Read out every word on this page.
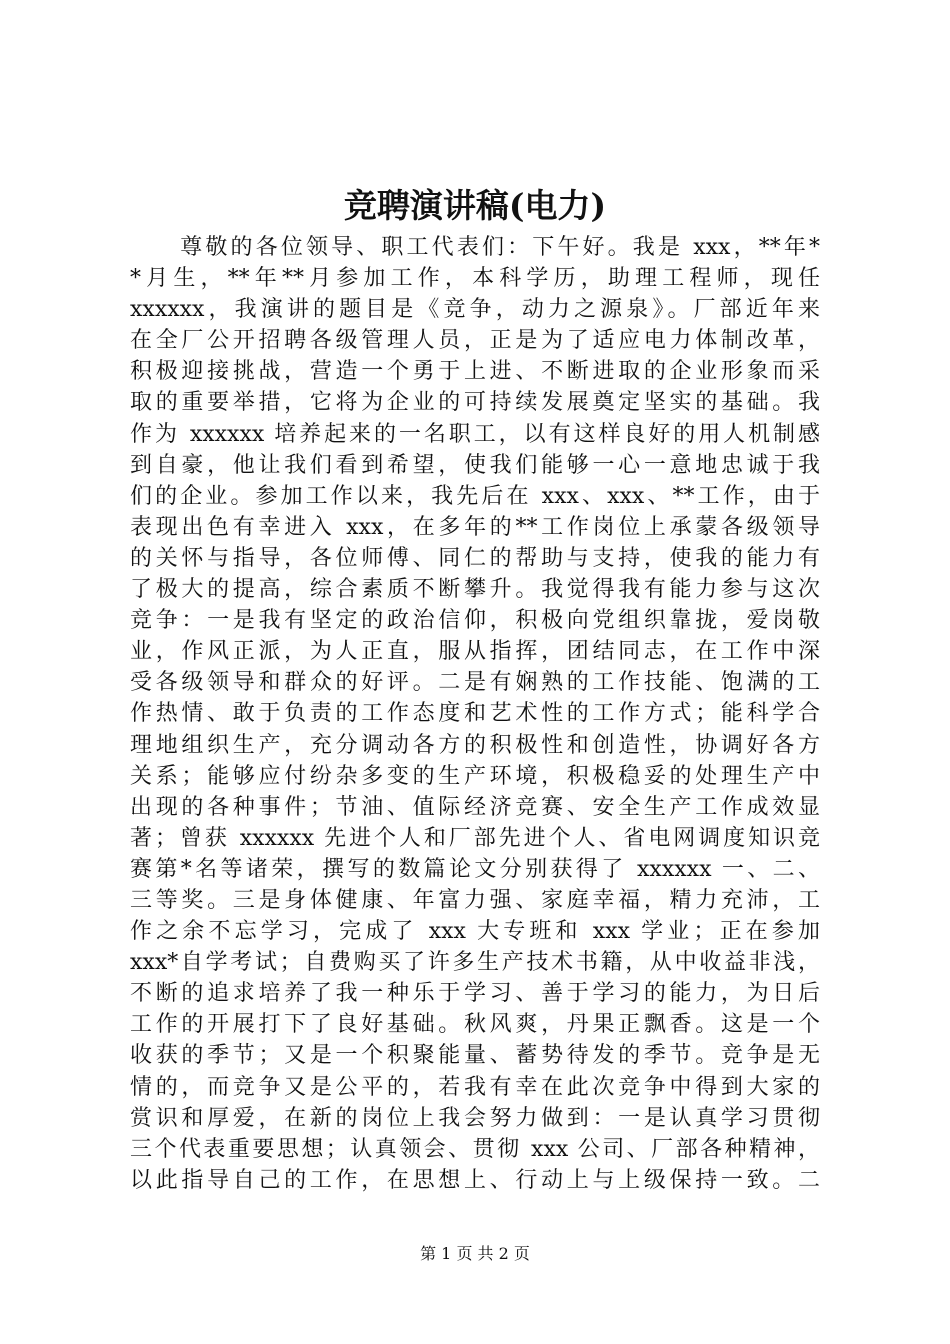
竞聘演讲稿(电力)
　　尊敬的各位领导、职工代表们：下午好。我是 xxx，**年*
*月生，**年**月参加工作，本科学历，助理工程师，现任
xxxxxx，我演讲的题目是《竞争，动力之源泉》。厂部近年来
在全厂公开招聘各级管理人员，正是为了适应电力体制改革，
积极迎接挑战，营造一个勇于上进、不断进取的企业形象而采
取的重要举措，它将为企业的可持续发展奠定坚实的基础。我
作为 xxxxxx 培养起来的一名职工，以有这样良好的用人机制感
到自豪，他让我们看到希望，使我们能够一心一意地忠诚于我
们的企业。参加工作以来，我先后在 xxx、xxx、**工作，由于
表现出色有幸进入 xxx，在多年的**工作岗位上承蒙各级领导
的关怀与指导，各位师傅、同仁的帮助与支持，使我的能力有
了极大的提高，综合素质不断攀升。我觉得我有能力参与这次
竞争：一是我有坚定的政治信仰，积极向党组织靠拢，爱岗敬
业，作风正派，为人正直，服从指挥，团结同志，在工作中深
受各级领导和群众的好评。二是有娴熟的工作技能、饱满的工
作热情、敢于负责的工作态度和艺术性的工作方式；能科学合
理地组织生产，充分调动各方的积极性和创造性，协调好各方
关系；能够应付纷杂多变的生产环境，积极稳妥的处理生产中
出现的各种事件；节油、值际经济竞赛、安全生产工作成效显
著；曾获 xxxxxx 先进个人和厂部先进个人、省电网调度知识竞
赛第*名等诸荣，撰写的数篇论文分别获得了 xxxxxx 一、二、
三等奖。三是身体健康、年富力强、家庭幸福，精力充沛，工
作之余不忘学习，完成了 xxx 大专班和 xxx 学业；正在参加
xxx*自学考试；自费购买了许多生产技术书籍，从中收益非浅，
不断的追求培养了我一种乐于学习、善于学习的能力，为日后
工作的开展打下了良好基础。秋风爽，丹果正飘香。这是一个
收获的季节；又是一个积聚能量、蓄势待发的季节。竞争是无
情的，而竞争又是公平的，若我有幸在此次竞争中得到大家的
赏识和厚爱，在新的岗位上我会努力做到：一是认真学习贯彻
三个代表重要思想；认真领会、贯彻 xxx 公司、厂部各种精神，
以此指导自己的工作，在思想上、行动上与上级保持一致。二
第 1 页 共 2 页
